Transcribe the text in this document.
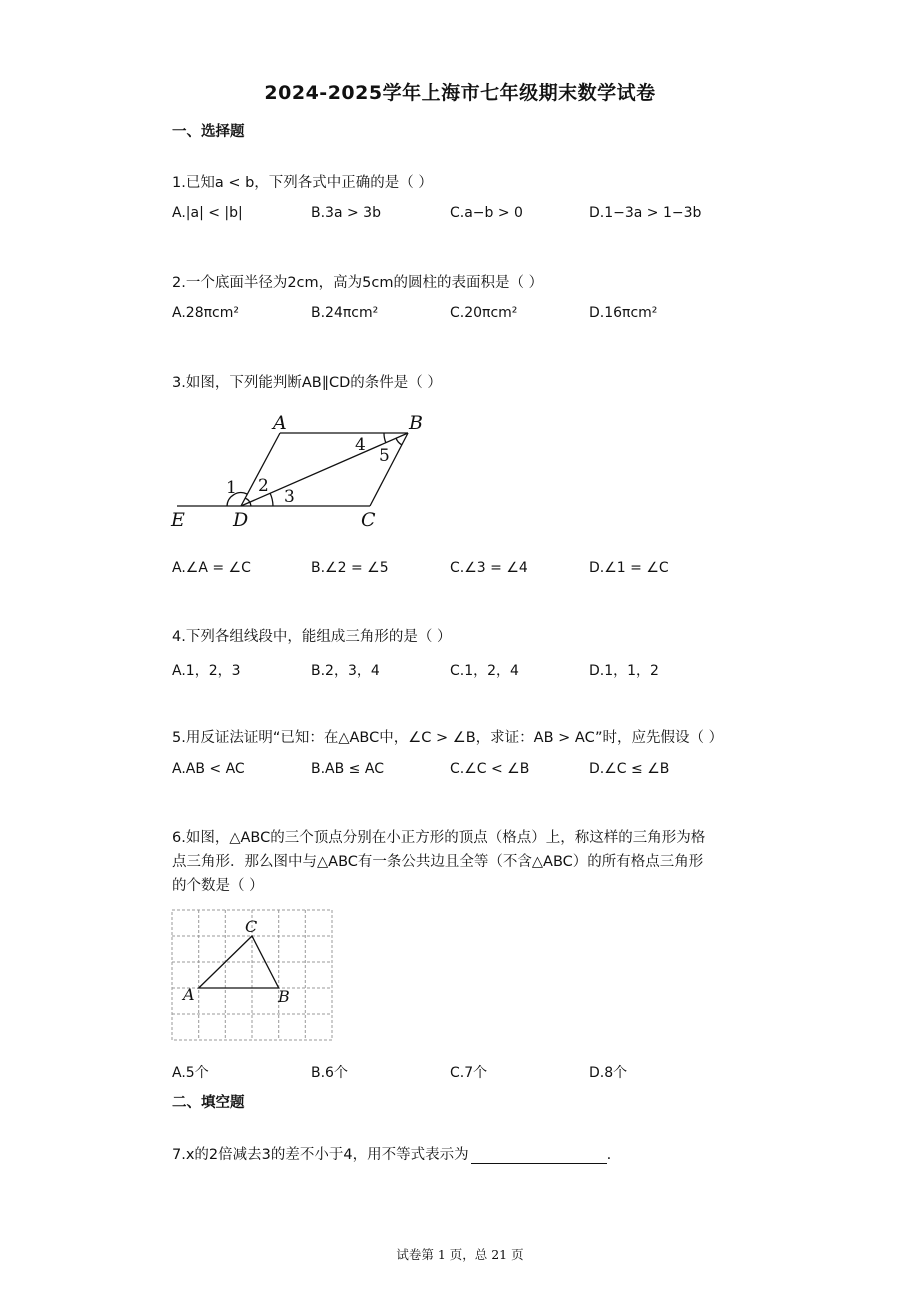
2024-2025学年上海市七年级期末数学试卷
一、选择题
1.已知a < b，下列各式中正确的是（ ）
A.|a| < |b|	B.3a > 3b	C.a−b > 0	D.1−3a > 1−3b
2.一个底面半径为2cm，高为5cm的圆柱的表面积是（ ）
A.28πcm²	B.24πcm²	C.20πcm²	D.16πcm²
3.如图，下列能判断AB∥CD的条件是（ ）
A	B
E	D	C
1 2
3
4
5
A.∠A = ∠C	B.∠2 = ∠5	C.∠3 = ∠4	D.∠1 = ∠C
4.下列各组线段中，能组成三角形的是（ ）
A.1，2，3	B.2，3，4	C.1，2，4	D.1，1，2
5.用反证法证明“已知：在△ABC中，∠C > ∠B，求证：AB > AC”时，应先假设（ ）
A.AB < AC	B.AB ≤ AC	C.∠C < ∠B	D.∠C ≤ ∠B
6.如图，△ABC的三个顶点分别在小正方形的顶点（格点）上，称这样的三角形为格
点三角形．那么图中与△ABC有一条公共边且全等（不含△ABC）的所有格点三角形
的个数是（ ）
C
A	B
A.5个	B.6个	C.7个	D.8个
二、填空题
7.x的2倍减去3的差不小于4，用不等式表示为	.
试卷第 1 页，总 21 页
